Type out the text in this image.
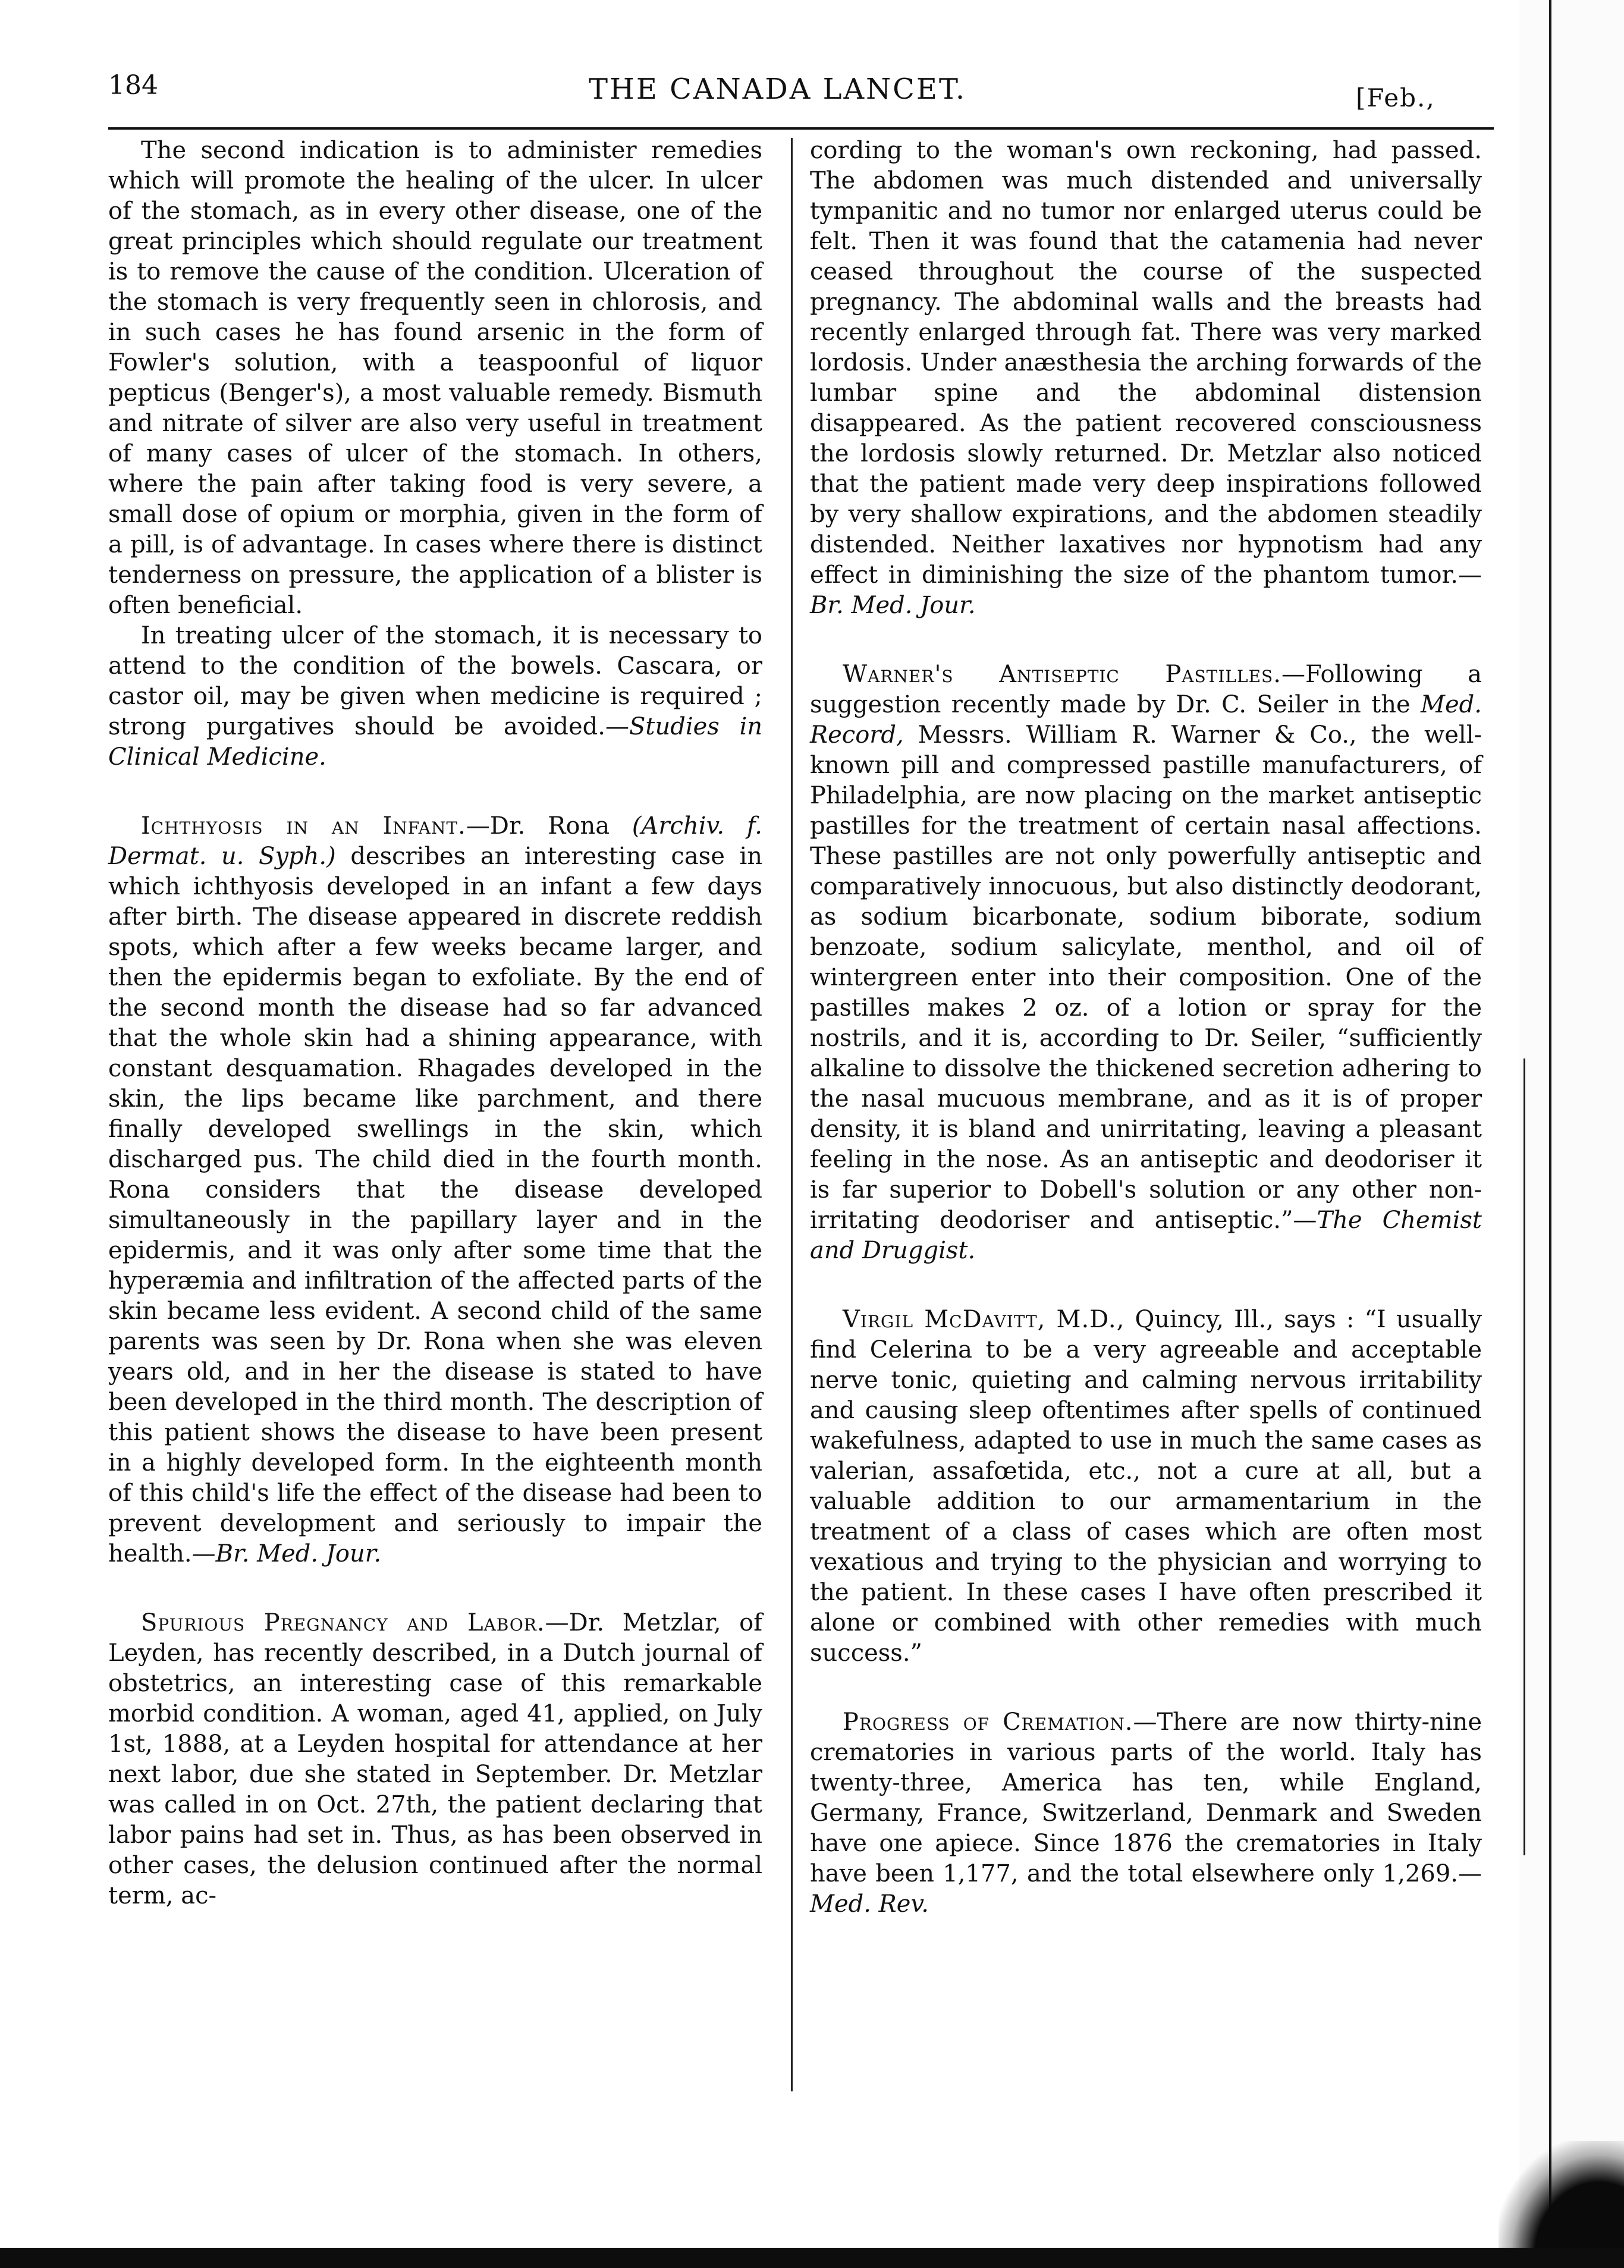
184	THE CANADA LANCET.	[Feb.,

The second indication is to administer remedies which will promote the healing of the ulcer. In ulcer of the stomach, as in every other disease, one of the great principles which should regulate our treatment is to remove the cause of the condition. Ulceration of the stomach is very frequently seen in chlorosis, and in such cases he has found arsenic in the form of Fowler's solution, with a teaspoonful of liquor pepticus (Benger's), a most valuable remedy. Bismuth and nitrate of silver are also very useful in treatment of many cases of ulcer of the stomach. In others, where the pain after taking food is very severe, a small dose of opium or morphia, given in the form of a pill, is of advantage. In cases where there is distinct tenderness on pressure, the application of a blister is often beneficial.

In treating ulcer of the stomach, it is necessary to attend to the condition of the bowels. Cascara, or castor oil, may be given when medicine is required ; strong purgatives should be avoided.—Studies in Clinical Medicine.

Ichthyosis in an Infant.—Dr. Rona (Archiv. f. Dermat. u. Syph.) describes an interesting case in which ichthyosis developed in an infant a few days after birth. The disease appeared in discrete reddish spots, which after a few weeks became larger, and then the epidermis began to exfoliate. By the end of the second month the disease had so far advanced that the whole skin had a shining appearance, with constant desquamation. Rhagades developed in the skin, the lips became like parchment, and there finally developed swellings in the skin, which discharged pus. The child died in the fourth month. Rona considers that the disease developed simultaneously in the papillary layer and in the epidermis, and it was only after some time that the hyperæmia and infiltration of the affected parts of the skin became less evident. A second child of the same parents was seen by Dr. Rona when she was eleven years old, and in her the disease is stated to have been developed in the third month. The description of this patient shows the disease to have been present in a highly developed form. In the eighteenth month of this child's life the effect of the disease had been to prevent development and seriously to impair the health.—Br. Med. Jour.

Spurious Pregnancy and Labor.—Dr. Metzlar, of Leyden, has recently described, in a Dutch journal of obstetrics, an interesting case of this remarkable morbid condition. A woman, aged 41, applied, on July 1st, 1888, at a Leyden hospital for attendance at her next labor, due she stated in September. Dr. Metzlar was called in on Oct. 27th, the patient declaring that labor pains had set in. Thus, as has been observed in other cases, the delusion continued after the normal term, ac-

cording to the woman's own reckoning, had passed. The abdomen was much distended and universally tympanitic and no tumor nor enlarged uterus could be felt. Then it was found that the catamenia had never ceased throughout the course of the suspected pregnancy. The abdominal walls and the breasts had recently enlarged through fat. There was very marked lordosis. Under anæsthesia the arching forwards of the lumbar spine and the abdominal distension disappeared. As the patient recovered consciousness the lordosis slowly returned. Dr. Metzlar also noticed that the patient made very deep inspirations followed by very shallow expirations, and the abdomen steadily distended. Neither laxatives nor hypnotism had any effect in diminishing the size of the phantom tumor.—Br. Med. Jour.

Warner's Antiseptic Pastilles.—Following a suggestion recently made by Dr. C. Seiler in the Med. Record, Messrs. William R. Warner & Co., the well-known pill and compressed pastille manufacturers, of Philadelphia, are now placing on the market antiseptic pastilles for the treatment of certain nasal affections. These pastilles are not only powerfully antiseptic and comparatively innocuous, but also distinctly deodorant, as sodium bicarbonate, sodium biborate, sodium benzoate, sodium salicylate, menthol, and oil of wintergreen enter into their composition. One of the pastilles makes 2 oz. of a lotion or spray for the nostrils, and it is, according to Dr. Seiler, “sufficiently alkaline to dissolve the thickened secretion adhering to the nasal mucuous membrane, and as it is of proper density, it is bland and unirritating, leaving a pleasant feeling in the nose. As an antiseptic and deodoriser it is far superior to Dobell's solution or any other non-irritating deodoriser and antiseptic.”—The Chemist and Druggist.

Virgil McDavitt, M.D., Quincy, Ill., says : “I usually find Celerina to be a very agreeable and acceptable nerve tonic, quieting and calming nervous irritability and causing sleep oftentimes after spells of continued wakefulness, adapted to use in much the same cases as valerian, assafœtida, etc., not a cure at all, but a valuable addition to our armamentarium in the treatment of a class of cases which are often most vexatious and trying to the physician and worrying to the patient. In these cases I have often prescribed it alone or combined with other remedies with much success.”

Progress of Cremation.—There are now thirty-nine crematories in various parts of the world. Italy has twenty-three, America has ten, while England, Germany, France, Switzerland, Denmark and Sweden have one apiece. Since 1876 the crematories in Italy have been 1,177, and the total elsewhere only 1,269.—Med. Rev.
